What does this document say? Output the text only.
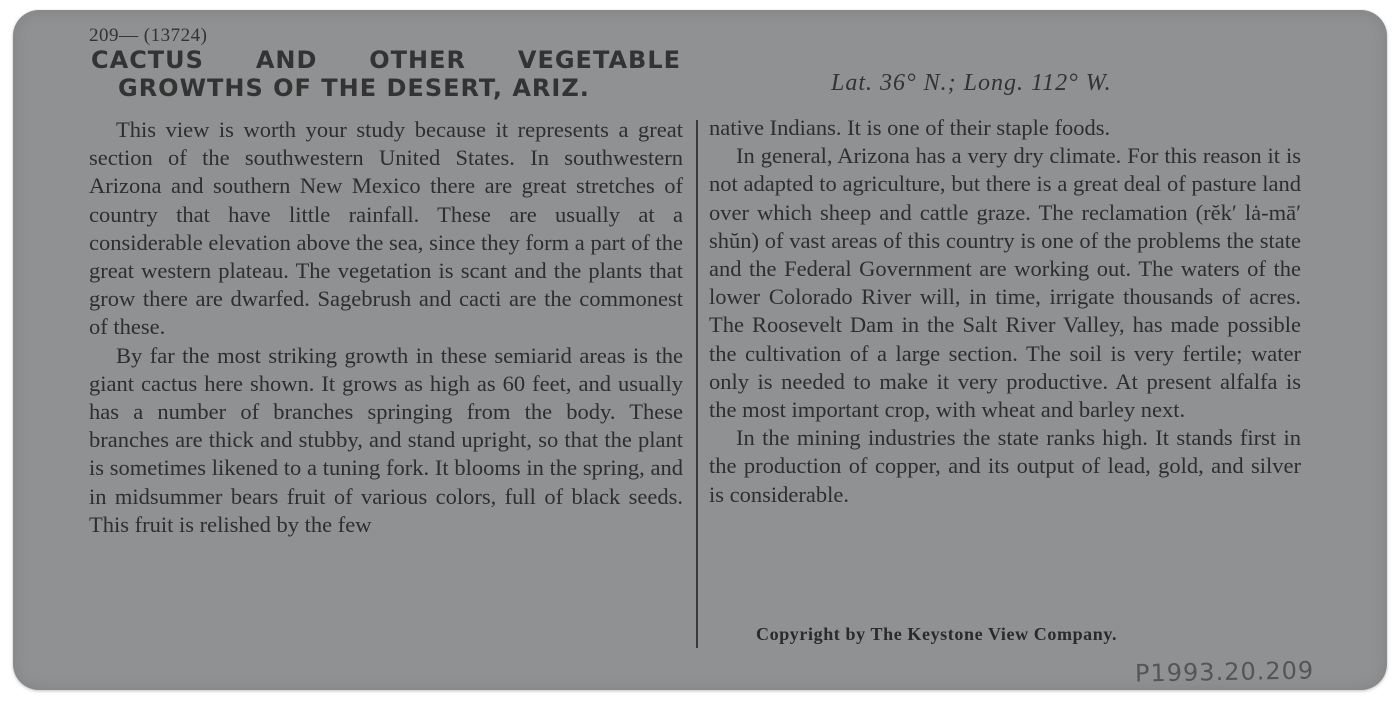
209— (13724)
CACTUS AND OTHER VEGETABLE
GROWTHS OF THE DESERT, ARIZ.	Lat. 36° N.; Long. 112° W.

This view is worth your study because it represents a great section of the southwestern United States. In southwestern Arizona and southern New Mexico there are great stretches of country that have little rainfall. These are usually at a considerable elevation above the sea, since they form a part of the great western plateau. The vegetation is scant and the plants that grow there are dwarfed. Sagebrush and cacti are the commonest of these.

By far the most striking growth in these semiarid areas is the giant cactus here shown. It grows as high as 60 feet, and usually has a number of branches springing from the body. These branches are thick and stubby, and stand upright, so that the plant is sometimes likened to a tuning fork. It blooms in the spring, and in midsummer bears fruit of various colors, full of black seeds. This fruit is relished by the few

native Indians. It is one of their staple foods.

In general, Arizona has a very dry climate. For this reason it is not adapted to agriculture, but there is a great deal of pasture land over which sheep and cattle graze. The reclamation (rĕk′ lȧ-mā′ shŭn) of vast areas of this country is one of the problems the state and the Federal Government are working out. The waters of the lower Colorado River will, in time, irrigate thousands of acres. The Roosevelt Dam in the Salt River Valley, has made possible the cultivation of a large section. The soil is very fertile; water only is needed to make it very productive. At present alfalfa is the most important crop, with wheat and barley next.

In the mining industries the state ranks high. It stands first in the production of copper, and its output of lead, gold, and silver is considerable.

Copyright by The Keystone View Company.
P1993.20.209
